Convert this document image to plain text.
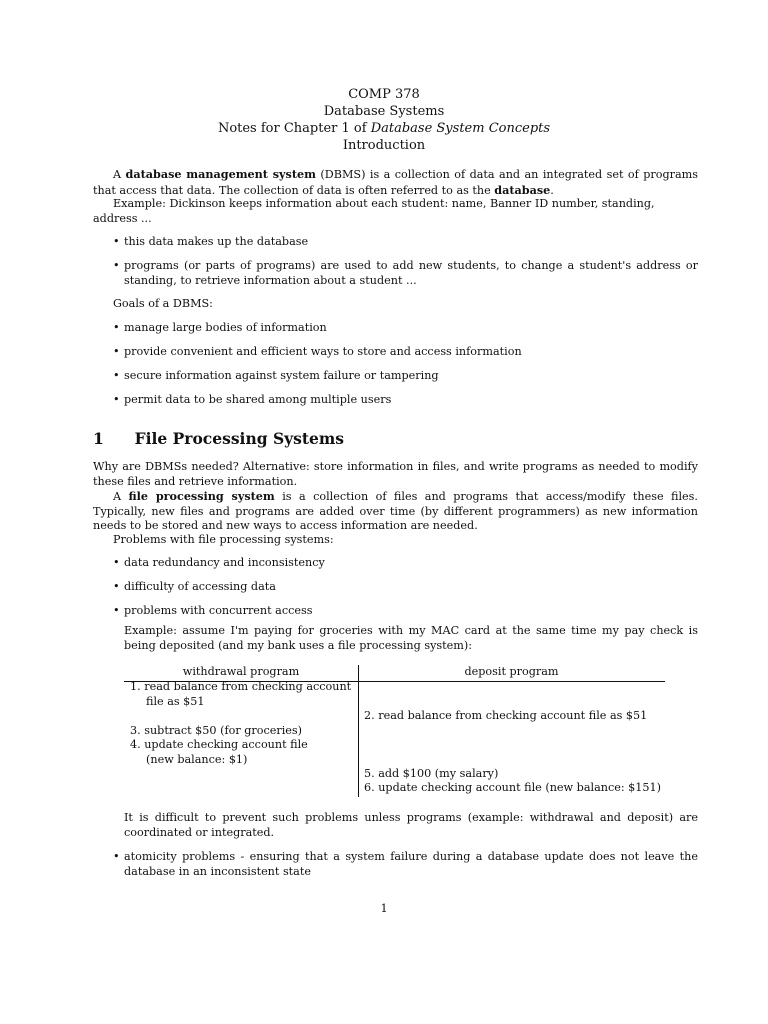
COMP 378
Database Systems
Notes for Chapter 1 of Database System Concepts
Introduction

A database management system (DBMS) is a collection of data and an integrated set of programs that access that data. The collection of data is often referred to as the database.

Example: Dickinson keeps information about each student: name, Banner ID number, standing, address ...

• this data makes up the database
• programs (or parts of programs) are used to add new students, to change a student's address or standing, to retrieve information about a student ...

Goals of a DBMS:

• manage large bodies of information
• provide convenient and efficient ways to store and access information
• secure information against system failure or tampering
• permit data to be shared among multiple users
1 File Processing Systems

Why are DBMSs needed? Alternative: store information in files, and write programs as needed to modify these files and retrieve information.

A file processing system is a collection of files and programs that access/modify these files. Typically, new files and programs are added over time (by different programmers) as new information needs to be stored and new ways to access information are needed.

Problems with file processing systems:

• data redundancy and inconsistency
• difficulty of accessing data
• problems with concurrent access

Example: assume I'm paying for groceries with my MAC card at the same time my pay check is being deposited (and my bank uses a file processing system):

withdrawal program	deposit program
1. read balance from checking account
file as $51
3. subtract $50 (for groceries)
4. update checking account file
(new balance: $1)
2. read balance from checking account file as $51
5. add $100 (my salary)
6. update checking account file (new balance: $151)

It is difficult to prevent such problems unless programs (example: withdrawal and deposit) are coordinated or integrated.

• atomicity problems - ensuring that a system failure during a database update does not leave the database in an inconsistent state
1
